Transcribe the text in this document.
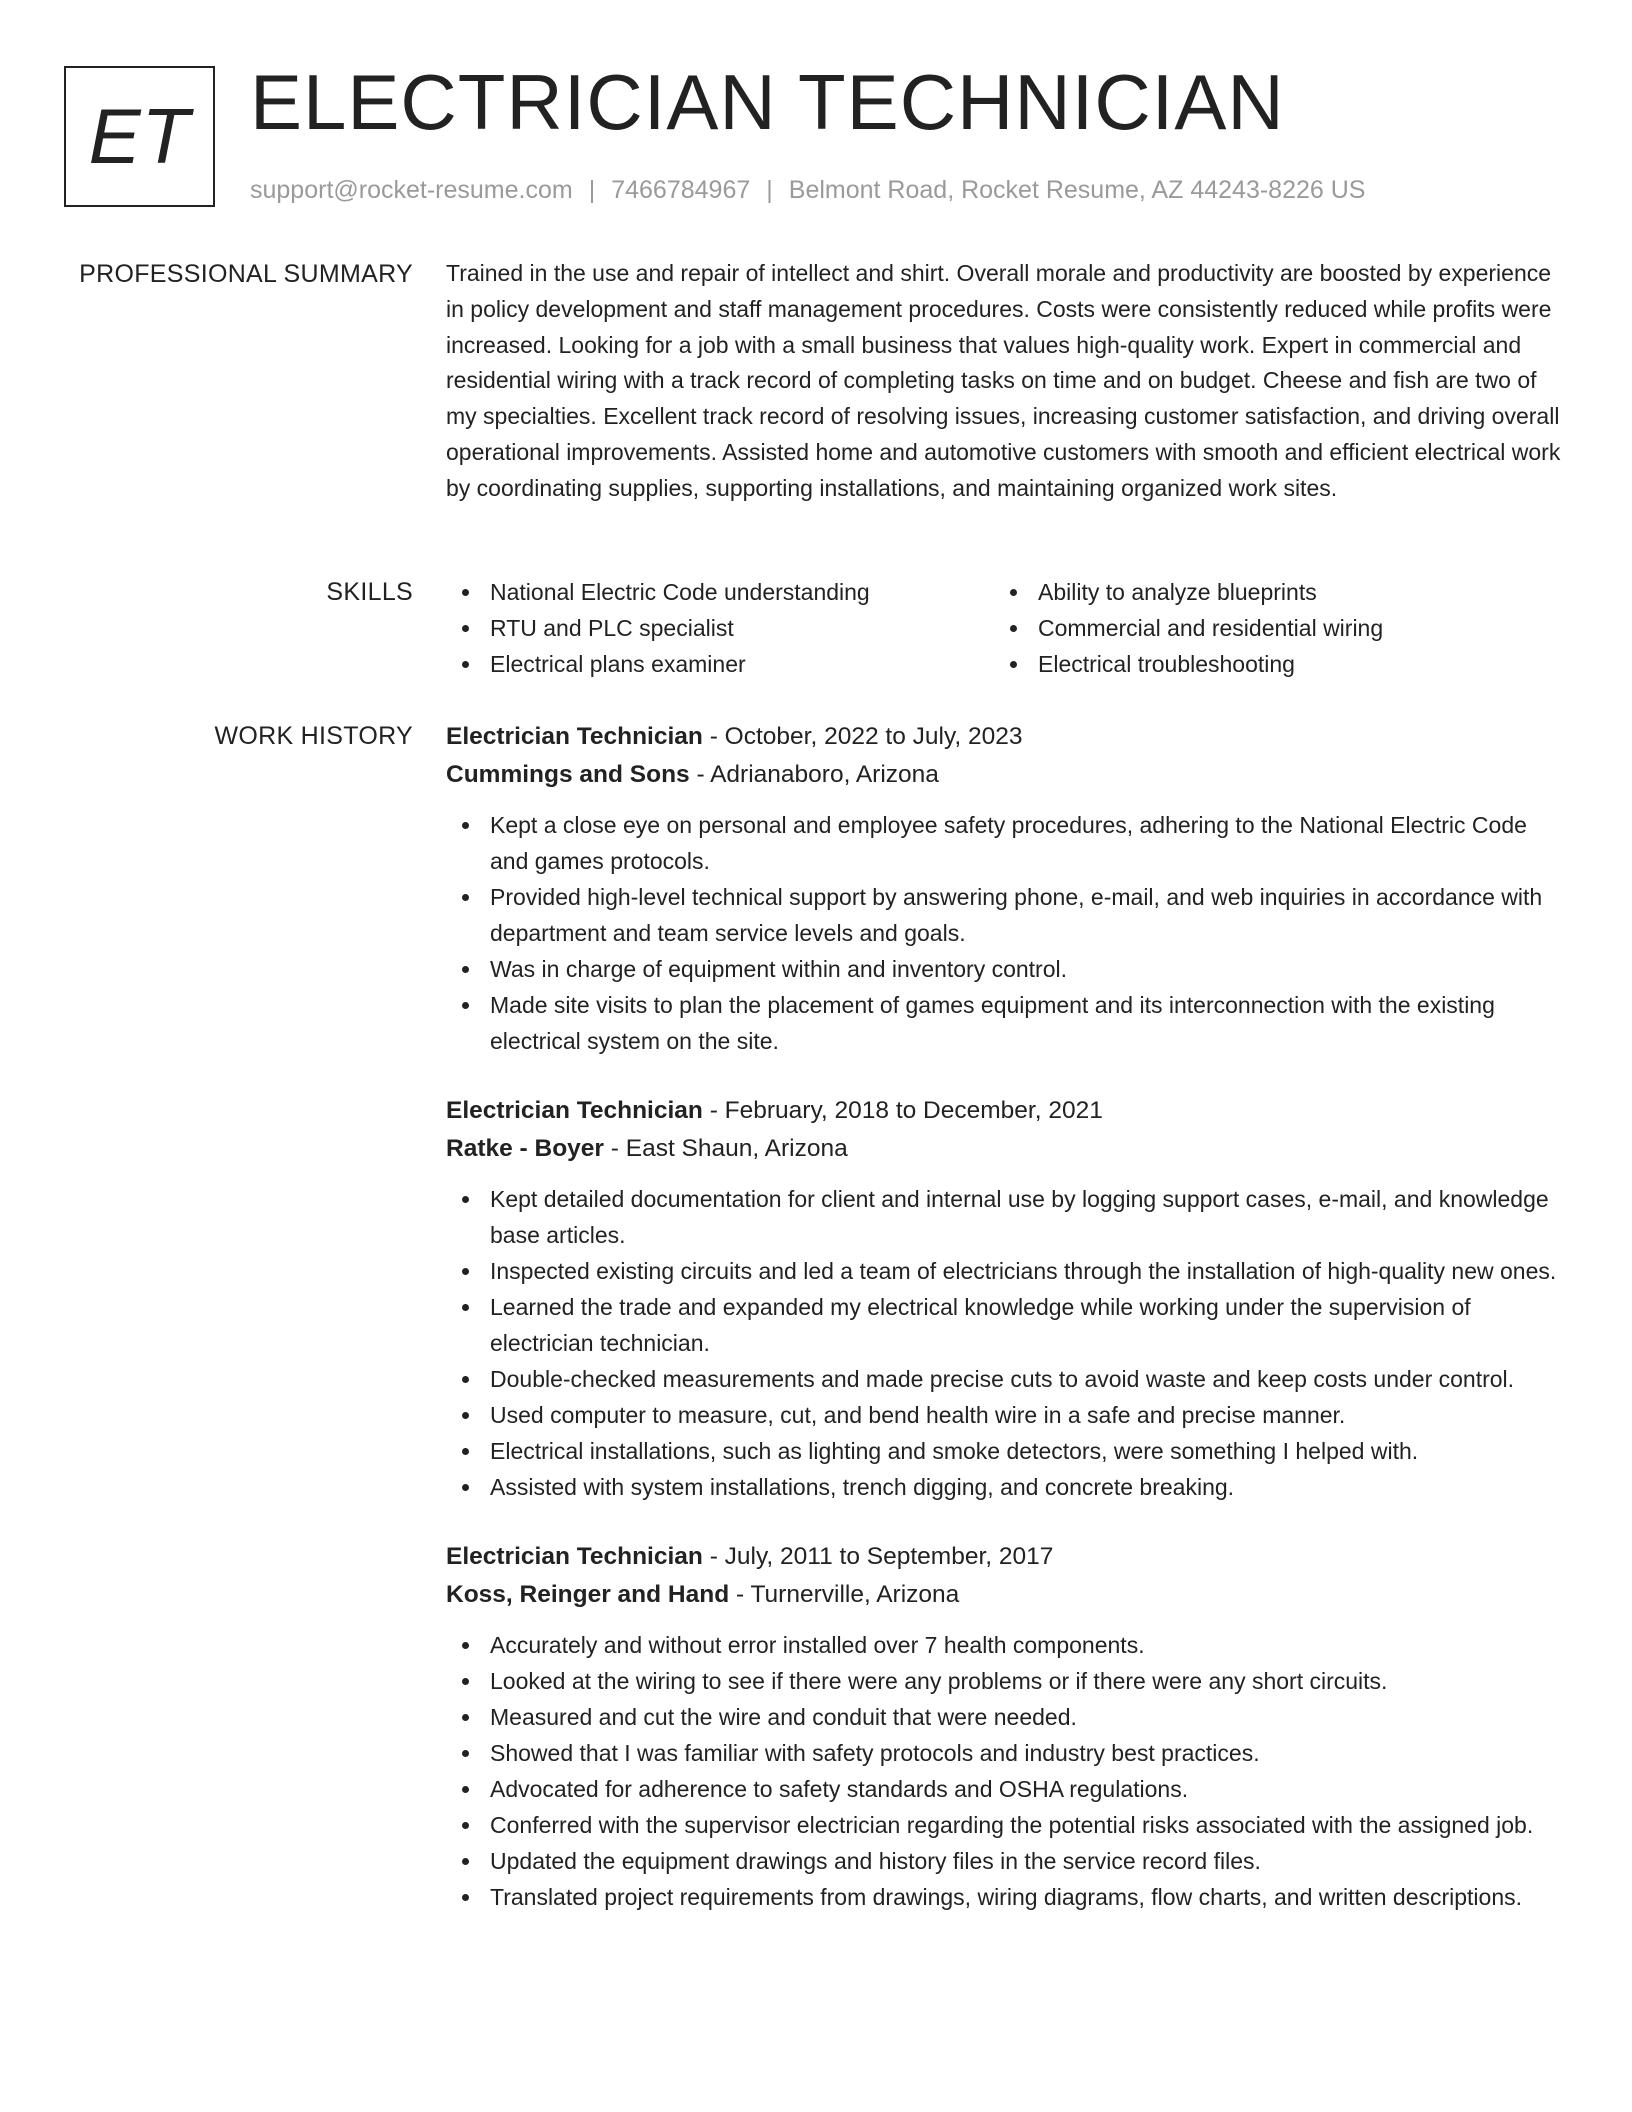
ET ELECTRICIAN TECHNICIAN
support@rocket-resume.com | 7466784967 | Belmont Road, Rocket Resume, AZ 44243-8226 US
PROFESSIONAL SUMMARY Trained in the use and repair of intellect and shirt. Overall morale and productivity are boosted by experience in policy development and staff management procedures. Costs were consistently reduced while profits were increased. Looking for a job with a small business that values high-quality work. Expert in commercial and residential wiring with a track record of completing tasks on time and on budget. Cheese and fish are two of my specialties. Excellent track record of resolving issues, increasing customer satisfaction, and driving overall operational improvements. Assisted home and automotive customers with smooth and efficient electrical work by coordinating supplies, supporting installations, and maintaining organized work sites.

SKILLS	National Electric Code understanding	Ability to analyze blueprints
RTU and PLC specialist	Commercial and residential wiring
Electrical plans examiner	Electrical troubleshooting
WORK HISTORY Electrician Technician - October, 2022 to July, 2023

Cummings and Sons - Adrianaboro, Arizona

Kept a close eye on personal and employee safety procedures, adhering to the National Electric Code and games protocols.
Provided high-level technical support by answering phone, e-mail, and web inquiries in accordance with department and team service levels and goals.
Was in charge of equipment within and inventory control.
Made site visits to plan the placement of games equipment and its interconnection with the existing electrical system on the site.

Electrician Technician - February, 2018 to December, 2021

Ratke - Boyer - East Shaun, Arizona

Kept detailed documentation for client and internal use by logging support cases, e-mail, and knowledge base articles.
Inspected existing circuits and led a team of electricians through the installation of high-quality new ones.
Learned the trade and expanded my electrical knowledge while working under the supervision of electrician technician.
Double-checked measurements and made precise cuts to avoid waste and keep costs under control.
Used computer to measure, cut, and bend health wire in a safe and precise manner.
Electrical installations, such as lighting and smoke detectors, were something I helped with.
Assisted with system installations, trench digging, and concrete breaking.

Electrician Technician - July, 2011 to September, 2017

Koss, Reinger and Hand - Turnerville, Arizona

Accurately and without error installed over 7 health components.
Looked at the wiring to see if there were any problems or if there were any short circuits.
Measured and cut the wire and conduit that were needed.
Showed that I was familiar with safety protocols and industry best practices.
Advocated for adherence to safety standards and OSHA regulations.
Conferred with the supervisor electrician regarding the potential risks associated with the assigned job.
Updated the equipment drawings and history files in the service record files.
Translated project requirements from drawings, wiring diagrams, flow charts, and written descriptions.
